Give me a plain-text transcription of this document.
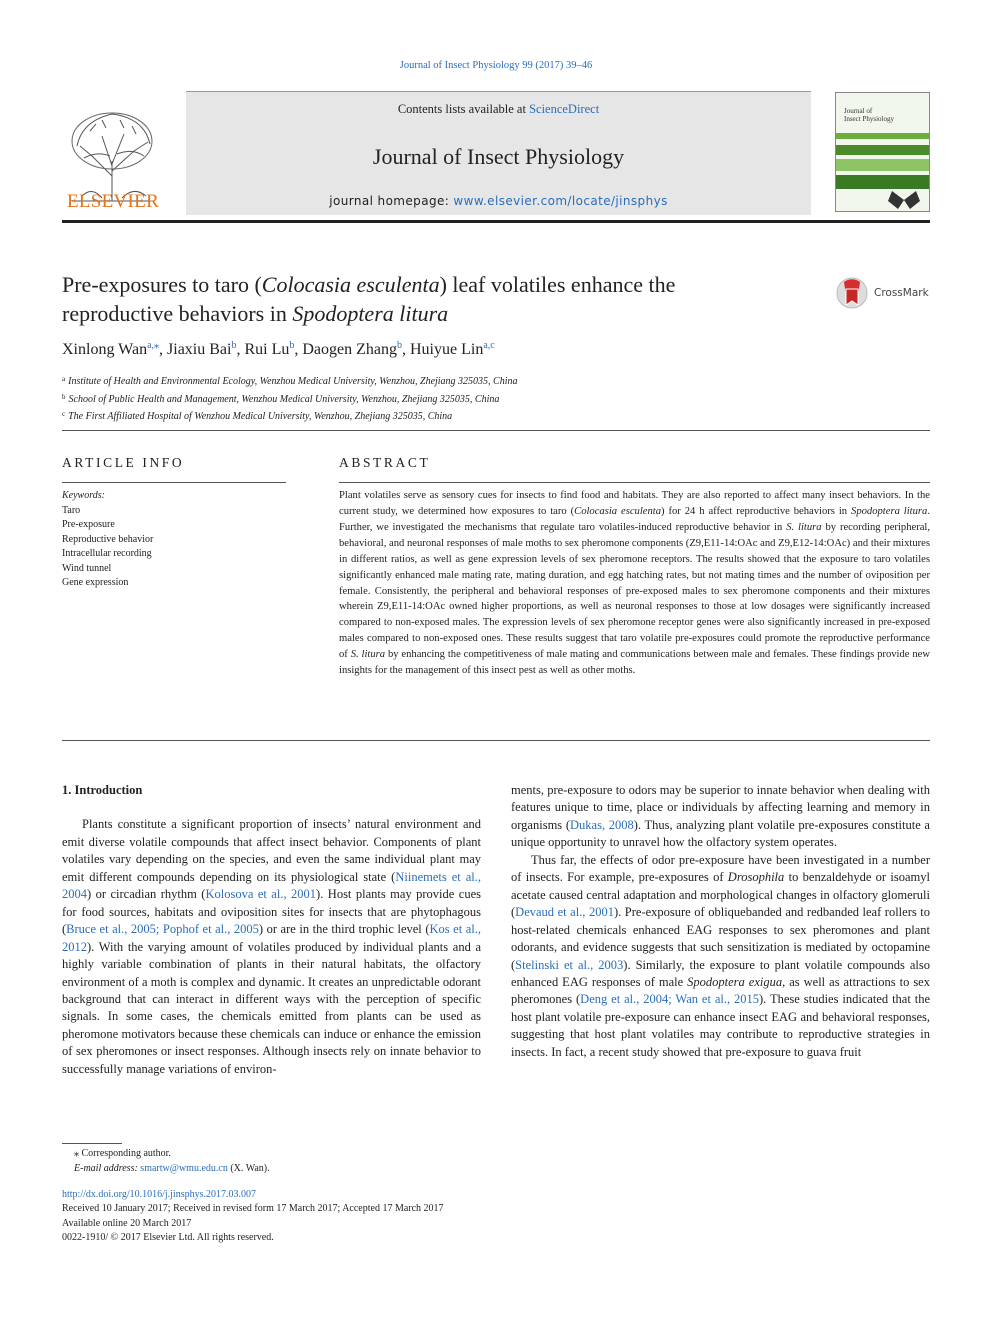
Journal of Insect Physiology 99 (2017) 39–46
ELSEVIER
Contents lists available at ScienceDirect
Journal of Insect Physiology
journal homepage: www.elsevier.com/locate/jinsphys
Journal of
Insect Physiology
Pre-exposures to taro (Colocasia esculenta) leaf volatiles enhance the reproductive behaviors in Spodoptera litura
CrossMark
Xinlong Wan$^{a,⁎}$, Jiaxiu Bai$^b$, Rui Lu$^b$, Daogen Zhang$^b$, Huiyue Lin$^{a,c}$
$^a$ Institute of Health and Environmental Ecology, Wenzhou Medical University, Wenzhou, Zhejiang 325035, China
$^b$ School of Public Health and Management, Wenzhou Medical University, Wenzhou, Zhejiang 325035, China
$^c$ The First Affiliated Hospital of Wenzhou Medical University, Wenzhou, Zhejiang 325035, China
ARTICLE INFO	ABSTRACT
Keywords:
Taro
Pre-exposure
Reproductive behavior
Intracellular recording
Wind tunnel
Gene expression
Plant volatiles serve as sensory cues for insects to find food and habitats. They are also reported to affect many insect behaviors. In the current study, we determined how exposures to taro (Colocasia esculenta) for 24 h affect reproductive behaviors in Spodoptera litura. Further, we investigated the mechanisms that regulate taro volatiles-induced reproductive behavior in S. litura by recording peripheral, behavioral, and neuronal responses of male moths to sex pheromone components (Z9,E11-14:OAc and Z9,E12-14:OAc) and their mixtures in different ratios, as well as gene expression levels of sex pheromone receptors. The results showed that the exposure to taro volatiles significantly enhanced male mating rate, mating duration, and egg hatching rates, but not mating times and the number of oviposition per female. Consistently, the peripheral and behavioral responses of pre-exposed males to sex pheromone components and their mixtures wherein Z9,E11-14:OAc owned higher proportions, as well as neuronal responses to those at low dosages were significantly increased compared to non-exposed males. The expression levels of sex pheromone receptor genes were also significantly increased in pre-exposed males compared to non-exposed ones. These results suggest that taro volatile pre-exposures could promote the reproductive performance of S. litura by enhancing the competitiveness of male mating and communications between male and females. These findings provide new insights for the management of this insect pest as well as other moths.
1. Introduction

Plants constitute a significant proportion of insects’ natural environment and emit diverse volatile compounds that affect insect behavior. Components of plant volatiles vary depending on the species, and even the same individual plant may emit different compounds depending on its physiological state (Niinemets et al., 2004) or circadian rhythm (Kolosova et al., 2001). Host plants may provide cues for food sources, habitats and oviposition sites for insects that are phytophagous (Bruce et al., 2005; Pophof et al., 2005) or are in the third trophic level (Kos et al., 2012). With the varying amount of volatiles produced by individual plants and a highly variable combination of plants in their natural habitats, the olfactory environment of a moth is complex and dynamic. It creates an unpredictable odorant background that can interact in different ways with the perception of specific signals. In some cases, the chemicals emitted from plants can be used as pheromone motivators because these chemicals can induce or enhance the emission of sex pheromones or insect responses. Although insects rely on innate behavior to successfully manage variations of environ-

ments, pre-exposure to odors may be superior to innate behavior when dealing with features unique to time, place or individuals by affecting learning and memory in organisms (Dukas, 2008). Thus, analyzing plant volatile pre-exposures constitute a unique opportunity to unravel how the olfactory system operates.

Thus far, the effects of odor pre-exposure have been investigated in a number of insects. For example, pre-exposures of Drosophila to benzaldehyde or isoamyl acetate caused central adaptation and morphological changes in olfactory glomeruli (Devaud et al., 2001). Pre-exposure of obliquebanded and redbanded leaf rollers to host-related chemicals enhanced EAG responses to sex pheromones and plant odorants, and evidence suggests that such sensitization is mediated by octopamine (Stelinski et al., 2003). Similarly, the exposure to plant volatile compounds also enhanced EAG responses of male Spodoptera exigua, as well as attractions to sex pheromones (Deng et al., 2004; Wan et al., 2015). These studies indicated that the host plant volatile pre-exposure can enhance insect EAG and behavioral responses, suggesting that host plant volatiles may contribute to reproductive strategies in insects. In fact, a recent study showed that pre-exposure to guava fruit

⁎ Corresponding author.
E-mail address: smartw@wmu.edu.cn (X. Wan).
http://dx.doi.org/10.1016/j.jinsphys.2017.03.007
Received 10 January 2017; Received in revised form 17 March 2017; Accepted 17 March 2017
Available online 20 March 2017
0022-1910/ © 2017 Elsevier Ltd. All rights reserved.
